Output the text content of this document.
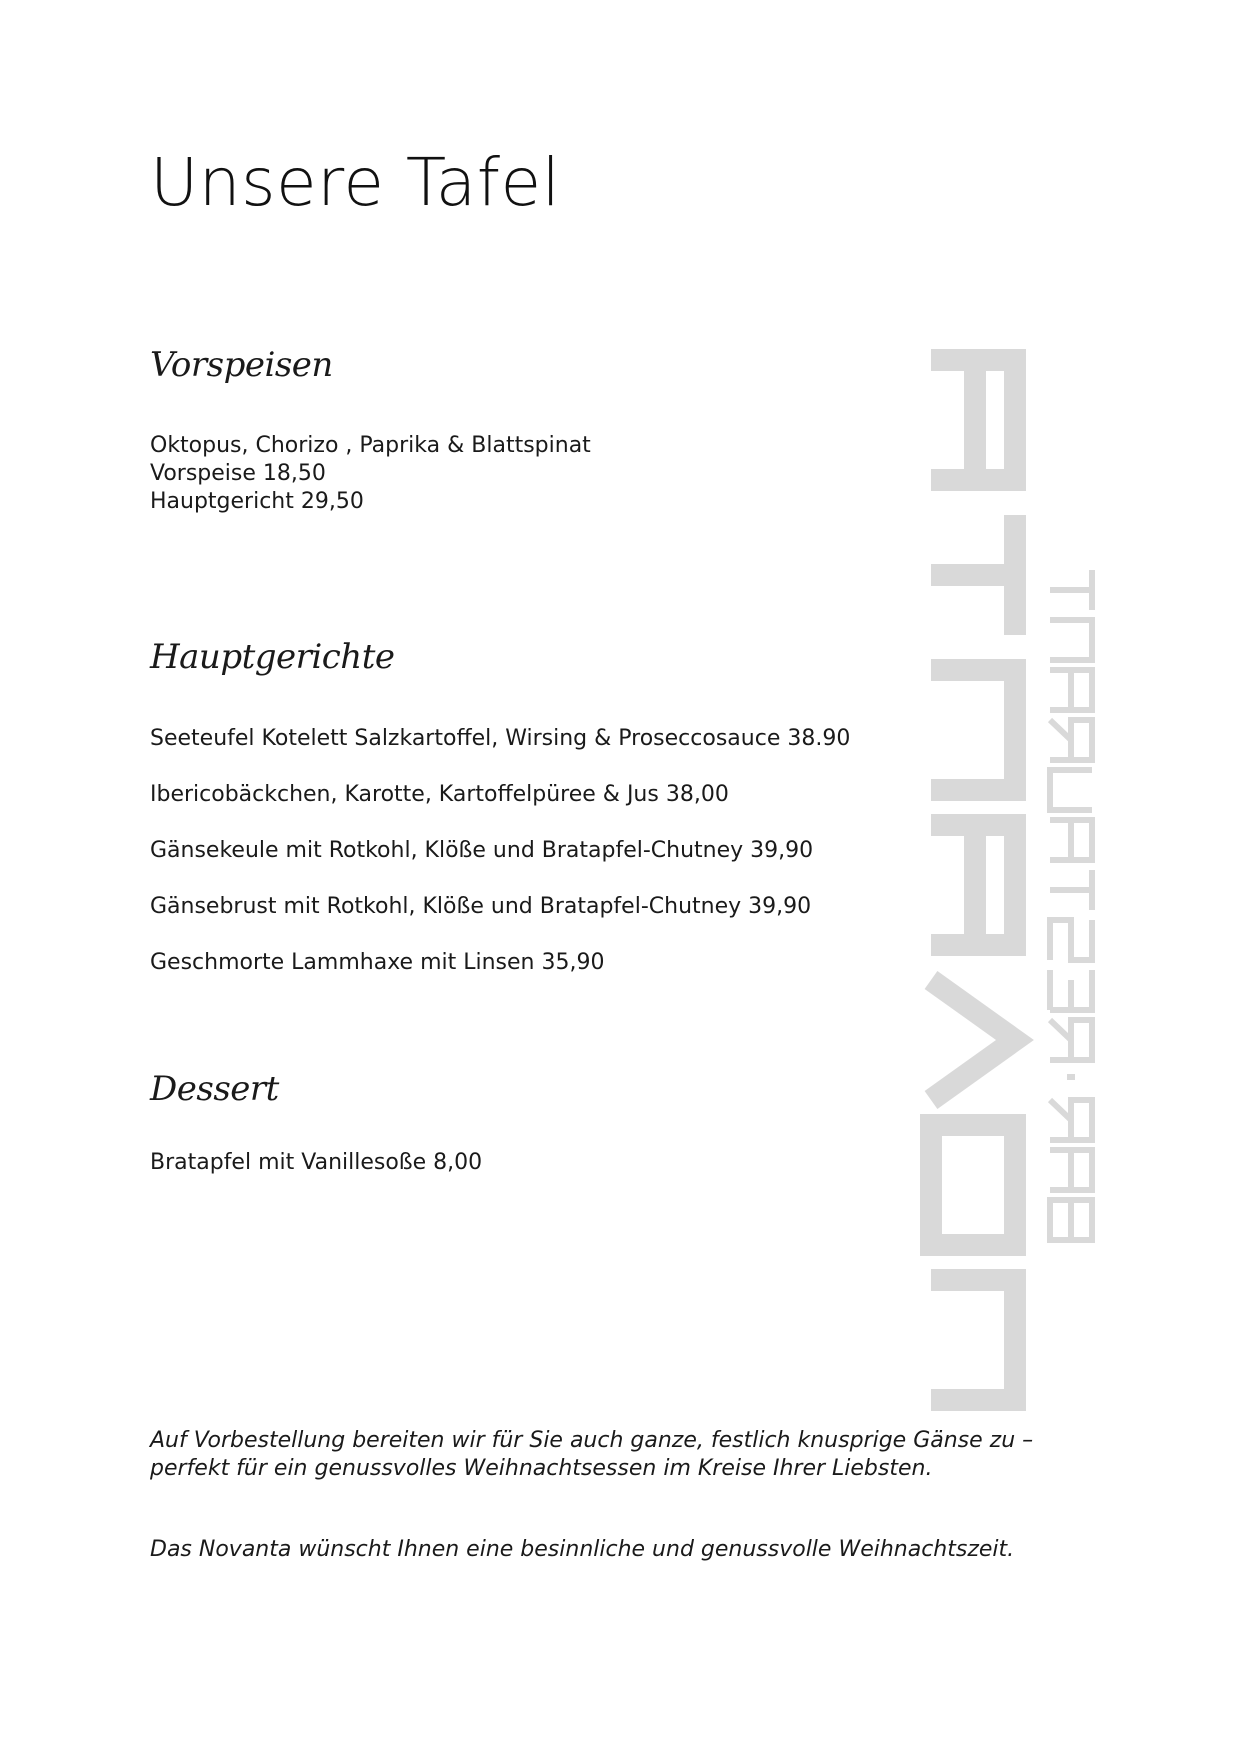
Unsere Tafel
Vorspeisen
Oktopus, Chorizo , Paprika & Blattspinat
Vorspeise 18,50
Hauptgericht 29,50
Hauptgerichte
Seeteufel Kotelett Salzkartoffel, Wirsing & Proseccosauce 38.90
Ibericobäckchen, Karotte, Kartoffelpüree & Jus 38,00
Gänsekeule mit Rotkohl, Klöße und Bratapfel-Chutney 39,90
Gänsebrust mit Rotkohl, Klöße und Bratapfel-Chutney 39,90
Geschmorte Lammhaxe mit Linsen 35,90
Dessert
Bratapfel mit Vanillesoße 8,00
Auf Vorbestellung bereiten wir für Sie auch ganze, festlich knusprige Gänse zu –
perfekt für ein genussvolles Weihnachtsessen im Kreise Ihrer Liebsten.
Das Novanta wünscht Ihnen eine besinnliche und genussvolle Weihnachtszeit.
